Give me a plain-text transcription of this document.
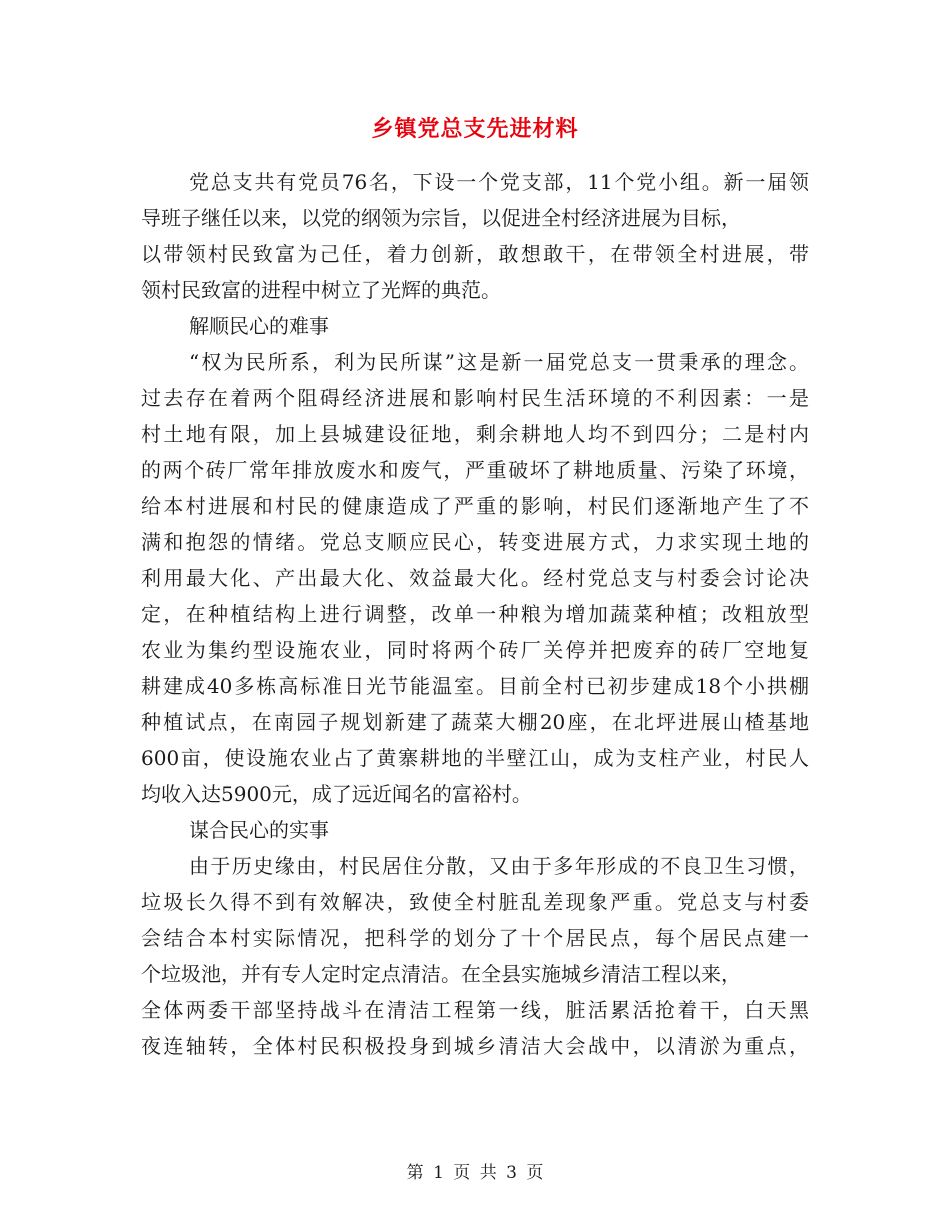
乡镇党总支先进材料
党总支共有党员76名，下设一个党支部，11个党小组。新一届领
导班子继任以来，以党的纲领为宗旨，以促进全村经济进展为目标，
以带领村民致富为己任，着力创新，敢想敢干，在带领全村进展，带
领村民致富的进程中树立了光辉的典范。
解顺民心的难事
“权为民所系，利为民所谋”这是新一届党总支一贯秉承的理念。
过去存在着两个阻碍经济进展和影响村民生活环境的不利因素：一是
村土地有限，加上县城建设征地，剩余耕地人均不到四分；二是村内
的两个砖厂常年排放废水和废气，严重破坏了耕地质量、污染了环境，
给本村进展和村民的健康造成了严重的影响，村民们逐渐地产生了不
满和抱怨的情绪。党总支顺应民心，转变进展方式，力求实现土地的
利用最大化、产出最大化、效益最大化。经村党总支与村委会讨论决
定，在种植结构上进行调整，改单一种粮为增加蔬菜种植；改粗放型
农业为集约型设施农业，同时将两个砖厂关停并把废弃的砖厂空地复
耕建成40多栋高标准日光节能温室。目前全村已初步建成18个小拱棚
种植试点，在南园子规划新建了蔬菜大棚20座，在北坪进展山楂基地
600亩，使设施农业占了黄寨耕地的半壁江山，成为支柱产业，村民人
均收入达5900元，成了远近闻名的富裕村。
谋合民心的实事
由于历史缘由，村民居住分散，又由于多年形成的不良卫生习惯，
垃圾长久得不到有效解决，致使全村脏乱差现象严重。党总支与村委
会结合本村实际情况，把科学的划分了十个居民点，每个居民点建一
个垃圾池，并有专人定时定点清洁。在全县实施城乡清洁工程以来，
全体两委干部坚持战斗在清洁工程第一线，脏活累活抢着干，白天黑
夜连轴转，全体村民积极投身到城乡清洁大会战中，以清淤为重点，
第 1 页 共 3 页
